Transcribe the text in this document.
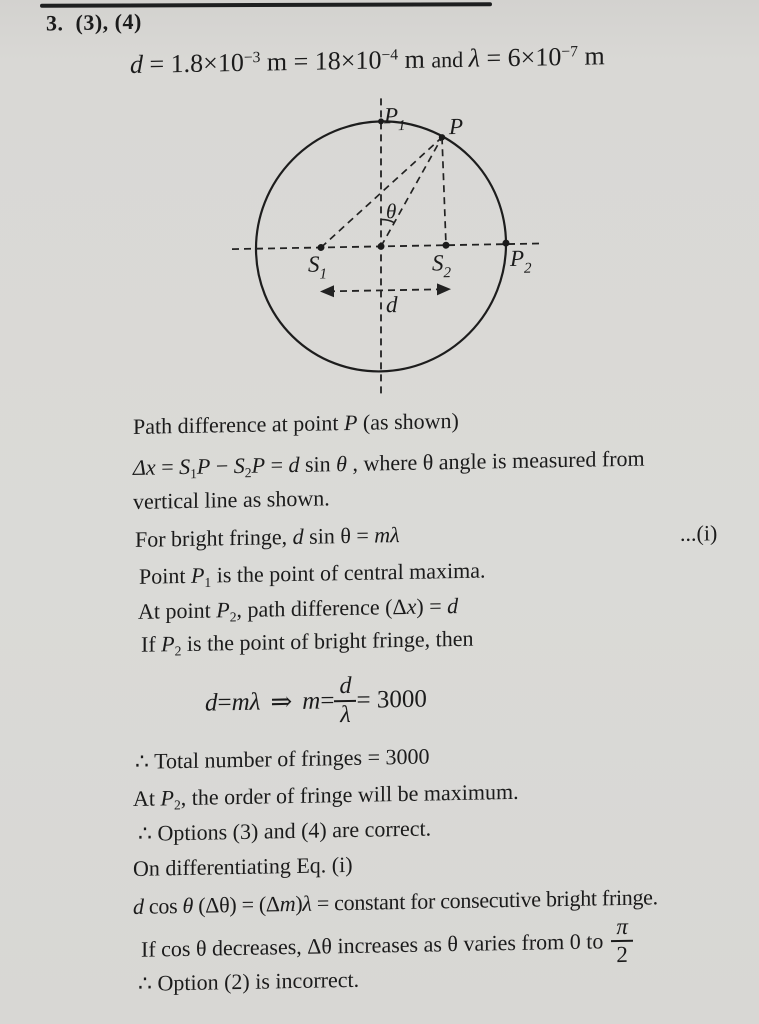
3. (3), (4)
$d = 1.8\times 10^{-3}$ $m = 18\times 10^{-4}$ m and $\lambda = 6\times 10^{-7}$ m
$P_1$ P
θ
$S_1$	$S_2$
$P_2$
d
Path difference at point P (as shown)
Δx = S1P − S2P = d sin θ , where θ angle is measured from
vertical line as shown.
For bright fringe, d sin θ = mλ	...(i)
Point P1 is the point of central maxima.
At point P2, path difference (Δx) = d
If P2 is the point of bright fringe, then
d = mλ ⇒ $m = \frac{d}{\lambda} = 3000$
∴ Total number of fringes = 3000
At P2, the order of fringe will be maximum.
∴ Options (3) and (4) are correct.
On differentiating Eq. (i)
d cos θ (Δθ) = (Δm)λ = constant for consecutive bright fringe.
If cos θ decreases, Δθ increases as θ varies from 0 to $\frac{\pi}{2}$
∴ Option (2) is incorrect.
